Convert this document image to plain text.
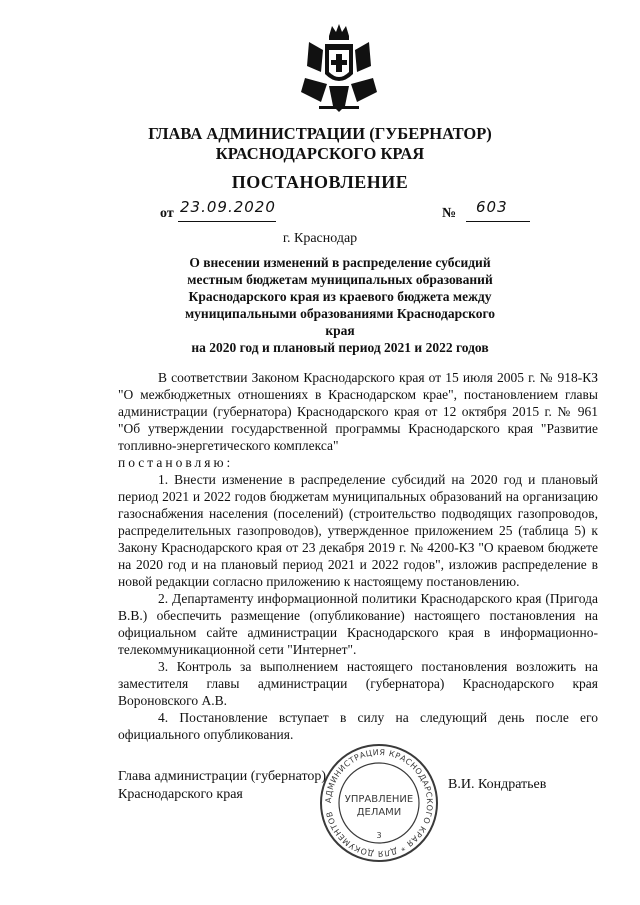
ГЛАВА АДМИНИСТРАЦИИ (ГУБЕРНАТОР)
КРАСНОДАРСКОГО КРАЯ
ПОСТАНОВЛЕНИЕ
от 23.09.2020	№ 603
г. Краснодар
О внесении изменений в распределение субсидий
местным бюджетам муниципальных образований
Краснодарского края из краевого бюджета между
муниципальными образованиями Краснодарского края
на 2020 год и плановый период 2021 и 2022 годов

В соответствии Законом Краснодарского края от 15 июля 2005 г. № 918-КЗ "О межбюджетных отношениях в Краснодарском крае", постановлением главы администрации (губернатора) Краснодарского края от 12 октября 2015 г. № 961 "Об утверждении государственной программы Краснодарского края "Развитие топливно-энергетического комплекса"

постановляю:

1. Внести изменение в распределение субсидий на 2020 год и плановый период 2021 и 2022 годов бюджетам муниципальных образований на организацию газоснабжения населения (поселений) (строительство подводящих газопроводов, распределительных газопроводов), утвержденное приложением 25 (таблица 5) к Закону Краснодарского края от 23 декабря 2019 г. № 4200-КЗ "О краевом бюджете на 2020 год и на плановый период 2021 и 2022 годов", изложив распределение в новой редакции согласно приложению к настоящему постановлению.

2. Департаменту информационной политики Краснодарского края (Пригода В.В.) обеспечить размещение (опубликование) настоящего постановления на официальном сайте администрации Краснодарского края в информационно-телекоммуникационной сети "Интернет".

3. Контроль за выполнением настоящего постановления возложить на заместителя главы администрации (губернатора) Краснодарского края Вороновского А.В.

4. Постановление вступает в силу на следующий день после его официального опубликования.

Глава администрации (губернатор)
Краснодарского края
В.И. Кондратьев
АДМИНИСТРАЦИЯ КРАСНОДАРСКОГО КРАЯ * ДЛЯ ДОКУМЕНТОВ
УПРАВЛЕНИЕ
ДЕЛАМИ
3
